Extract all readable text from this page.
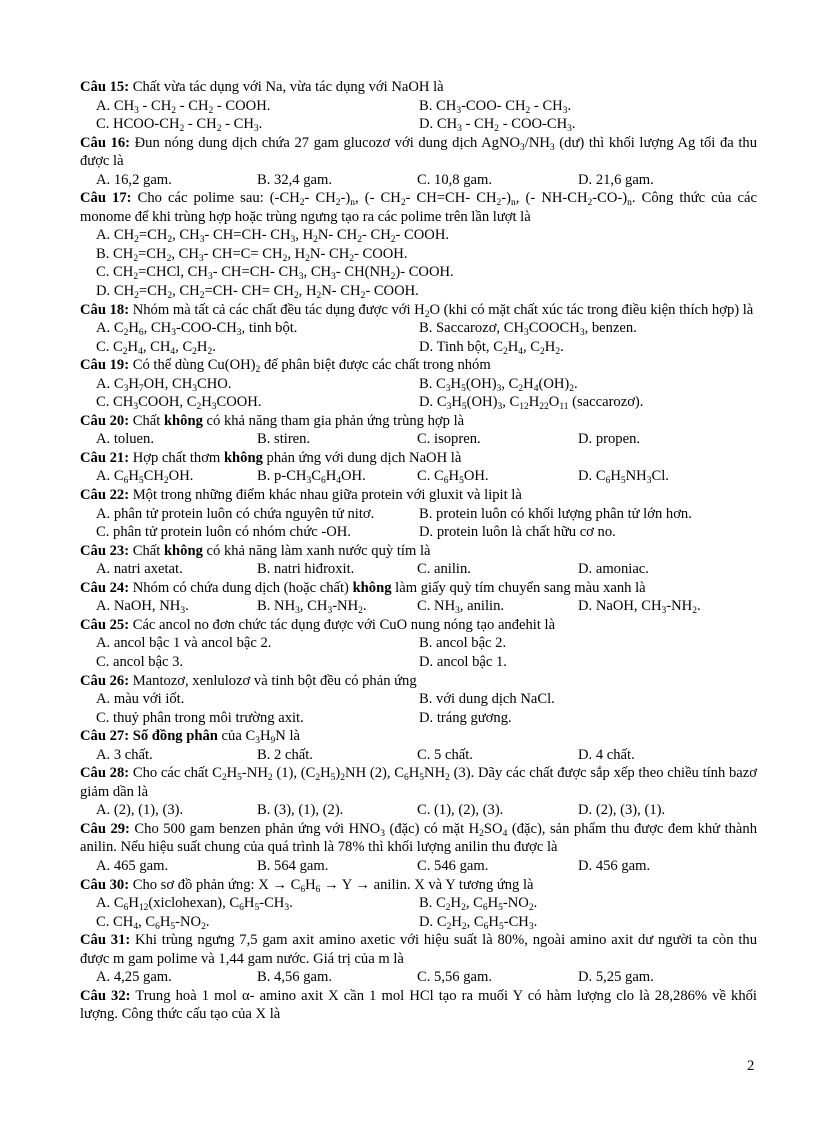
Câu 15: Chất vừa tác dụng với Na, vừa tác dụng với NaOH là
A. $CH_3 - CH_2 - CH_2$ - COOH.	B. $CH_3-COO-$ $CH_2 - CH_3$.
C. HCOO-$CH_2 - CH_2 - CH_3$.	D. $CH_3 - CH_2 - COO-CH_3$.
Câu 16: Đun nóng dung dịch chứa 27 gam glucozơ với dung dịch $AgNO_3/NH_3$ (dư) thì khối lượng Ag tối đa thu được là
A. 16,2 gam.	B. 32,4 gam.	C. 10,8 gam.	D. 21,6 gam.
Câu 17: Cho các polime sau: ($-CH_2-$ $CH_2-)_n$, (- $CH_2-$ CH=CH- $CH_2-)_n$, (- $NH-CH_2-CO-)_n$. Công thức của các monome để khi trùng hợp hoặc trùng ngưng tạo ra các polime trên lần lượt là
A. $CH_2=CH_2$, $CH_3-$ CH=CH- $CH_3$, $H_2N-$ $CH_2-$ $CH_2-$ COOH.
B. $CH_2=CH_2$, $CH_3-$ $CH=C= CH_2$, $H_2N-$ $CH_2-$ COOH.
C. $CH_2=CHCl$, $CH_3-$ CH=CH- $CH_3$, $CH_3-$ $CH(NH_2)-$ COOH.
D. $CH_2=CH_2$, $CH_2=CH-$ $CH= CH_2$, $H_2N-$ $CH_2-$ COOH.
Câu 18: Nhóm mà tất cả các chất đều tác dụng được với $H_2O$ (khi có mặt chất xúc tác trong điều kiện thích hợp) là
A. $C_2H_6$, $CH_3-COO-CH_3$, tinh bột.	B. Saccarozơ, $CH_3COOCH_3$, benzen.
C. $C_2H_4$, $CH_4$, $C_2H_2$.	D. Tinh bột, $C_2H_4$, $C_2H_2$.
Câu 19: Có thể dùng $Cu(OH)_2$ để phân biệt được các chất trong nhóm
A. $C_3H_7OH$, $CH_3CHO$.	B. $C_3H_5(OH)_3$, $C_2H_4(OH)_2$.
C. $CH_3COOH$, $C_2H_3COOH$.	D. $C_3H_5(OH)_3$, $C_{12}H_{22}O_{11}$ (saccarozơ).
Câu 20: Chất không có khả năng tham gia phản ứng trùng hợp là
A. toluen.	B. stiren.	C. isopren.	D. propen.
Câu 21: Hợp chất thơm không phản ứng với dung dịch NaOH là
A. $C_6H_5CH_2OH$.	B. $p-CH_3C_6H_4OH$.	C. $C_6H_5OH$.	D. $C_6H_5NH_3Cl$.
Câu 22: Một trong những điểm khác nhau giữa protein với gluxit và lipit là
A. phân tử protein luôn có chứa nguyên tử nitơ.	B. protein luôn có khối lượng phân tử lớn hơn.
C. phân tử protein luôn có nhóm chức -OH.	D. protein luôn là chất hữu cơ no.
Câu 23: Chất không có khả năng làm xanh nước quỳ tím là
A. natri axetat.	B. natri hiđroxit.	C. anilin.	D. amoniac.
Câu 24: Nhóm có chứa dung dịch (hoặc chất) không làm giấy quỳ tím chuyển sang màu xanh là
A. NaOH, $NH_3$.	B. $NH_3$, $CH_3-NH_2$.	C. $NH_3$, anilin.	D. NaOH, $CH_3-NH_2$.
Câu 25: Các ancol no đơn chức tác dụng được với CuO nung nóng tạo anđehit là
A. ancol bậc 1 và ancol bậc 2.	B. ancol bậc 2.
C. ancol bậc 3.	D. ancol bậc 1.
Câu 26: Mantozơ, xenlulozơ và tinh bột đều có phản ứng
A. màu với iốt.	B. với dung dịch NaCl.
C. thuỷ phân trong môi trường axit.	D. tráng gương.
Câu 27: Số đồng phân của $C_3H_9N$ là
A. 3 chất.	B. 2 chất.	C. 5 chất.	D. 4 chất.
Câu 28: Cho các chất $C_2H_5-NH_2$ (1), $(C_2H_5)_2NH$ (2), $C_6H_5NH_2$ (3). Dãy các chất được sắp xếp theo chiều tính bazơ giảm dần là
A. (2), (1), (3).	B. (3), (1), (2).	C. (1), (2), (3).	D. (2), (3), (1).
Câu 29: Cho 500 gam benzen phản ứng với $HNO_3$ (đặc) có mặt $H_2SO_4$ (đặc), sản phẩm thu được đem khử thành anilin. Nếu hiệu suất chung của quá trình là 78% thì khối lượng anilin thu được là
A. 465 gam.	B. 564 gam.	C. 546 gam.	D. 456 gam.
Câu 30: Cho sơ đồ phản ứng: $X \to C_6H_6 \to Y$ → anilin. X và Y tương ứng là
A. $C_6H_{12}(xiclohexan)$, $C_6H_5-CH_3$.	B. $C_2H_2$, $C_6H_5-NO_2$.
C. $CH_4$, $C_6H_5-NO_2$.	D. $C_2H_2$, $C_6H_5-CH_3$.
Câu 31: Khi trùng ngưng 7,5 gam axit amino axetic với hiệu suất là 80%, ngoài amino axit dư người ta còn thu được m gam polime và 1,44 gam nước. Giá trị của m là
A. 4,25 gam.	B. 4,56 gam.	C. 5,56 gam.	D. 5,25 gam.
Câu 32: Trung hoà 1 mol α- amino axit X cần 1 mol HCl tạo ra muối Y có hàm lượng clo là 28,286% về khối lượng. Công thức cấu tạo của X là
2
